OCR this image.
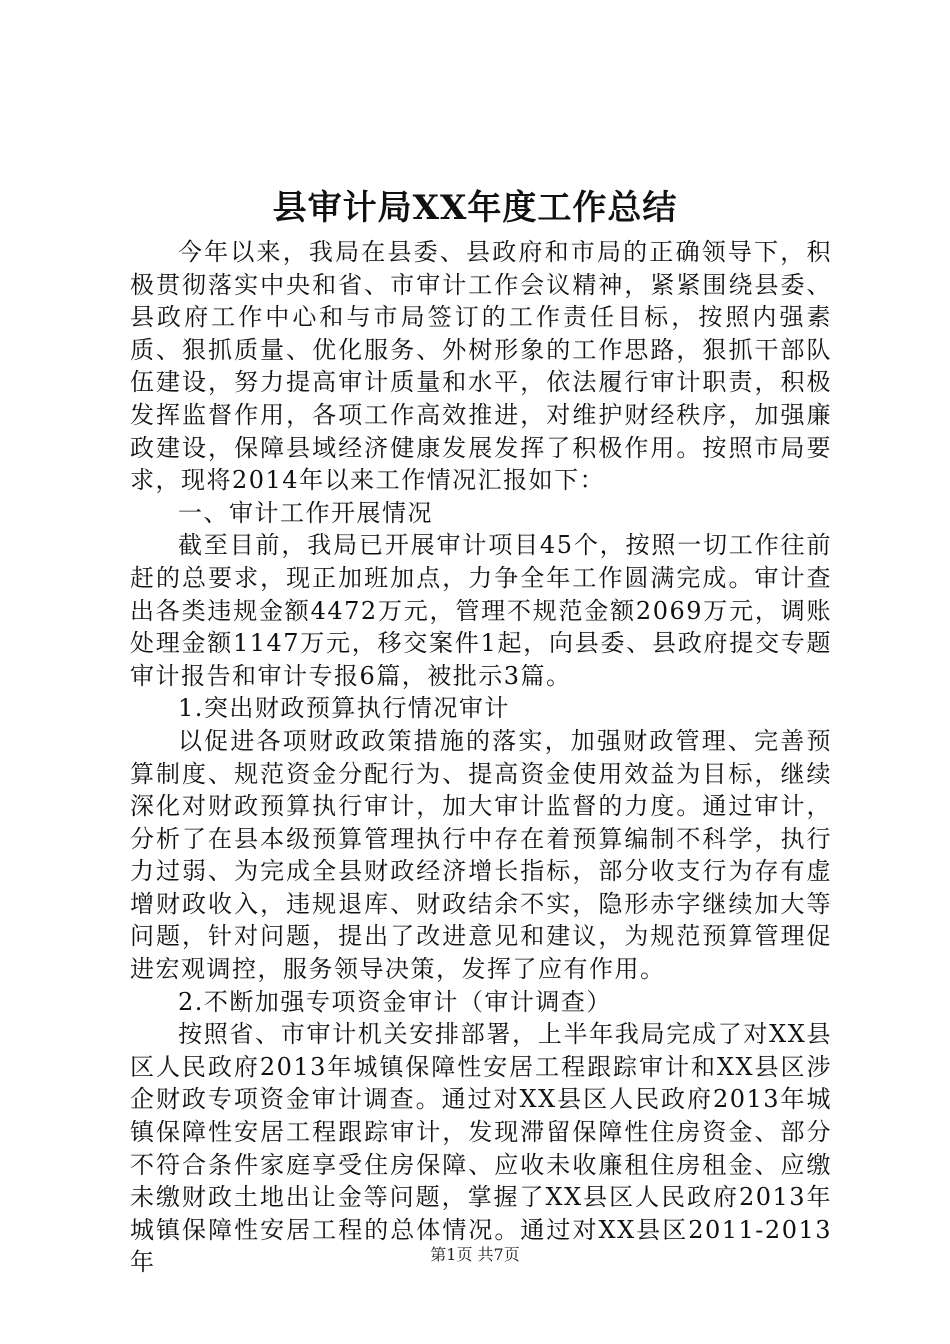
县审计局XX年度工作总结

今年以来，我局在县委、县政府和市局的正确领导下，积极贯彻落实中央和省、市审计工作会议精神，紧紧围绕县委、县政府工作中心和与市局签订的工作责任目标，按照内强素质、狠抓质量、优化服务、外树形象的工作思路，狠抓干部队伍建设，努力提高审计质量和水平，依法履行审计职责，积极发挥监督作用，各项工作高效推进，对维护财经秩序，加强廉政建设，保障县域经济健康发展发挥了积极作用。按照市局要求，现将2014年以来工作情况汇报如下：

一、审计工作开展情况

截至目前，我局已开展审计项目45个，按照一切工作往前赶的总要求，现正加班加点，力争全年工作圆满完成。审计查出各类违规金额4472万元，管理不规范金额2069万元，调账处理金额1147万元，移交案件1起，向县委、县政府提交专题审计报告和审计专报6篇，被批示3篇。

1.突出财政预算执行情况审计

以促进各项财政政策措施的落实，加强财政管理、完善预算制度、规范资金分配行为、提高资金使用效益为目标，继续深化对财政预算执行审计，加大审计监督的力度。通过审计，分析了在县本级预算管理执行中存在着预算编制不科学，执行力过弱、为完成全县财政经济增长指标，部分收支行为存有虚增财政收入，违规退库、财政结余不实，隐形赤字继续加大等问题，针对问题，提出了改进意见和建议，为规范预算管理促进宏观调控，服务领导决策，发挥了应有作用。

2.不断加强专项资金审计（审计调查）

按照省、市审计机关安排部署，上半年我局完成了对XX县区人民政府2013年城镇保障性安居工程跟踪审计和XX县区涉企财政专项资金审计调查。通过对XX县区人民政府2013年城镇保障性安居工程跟踪审计，发现滞留保障性住房资金、部分不符合条件家庭享受住房保障、应收未收廉租住房租金、应缴未缴财政土地出让金等问题，掌握了XX县区人民政府2013年城镇保障性安居工程的总体情况。通过对XX县区2011-2013年	第1页 共7页
